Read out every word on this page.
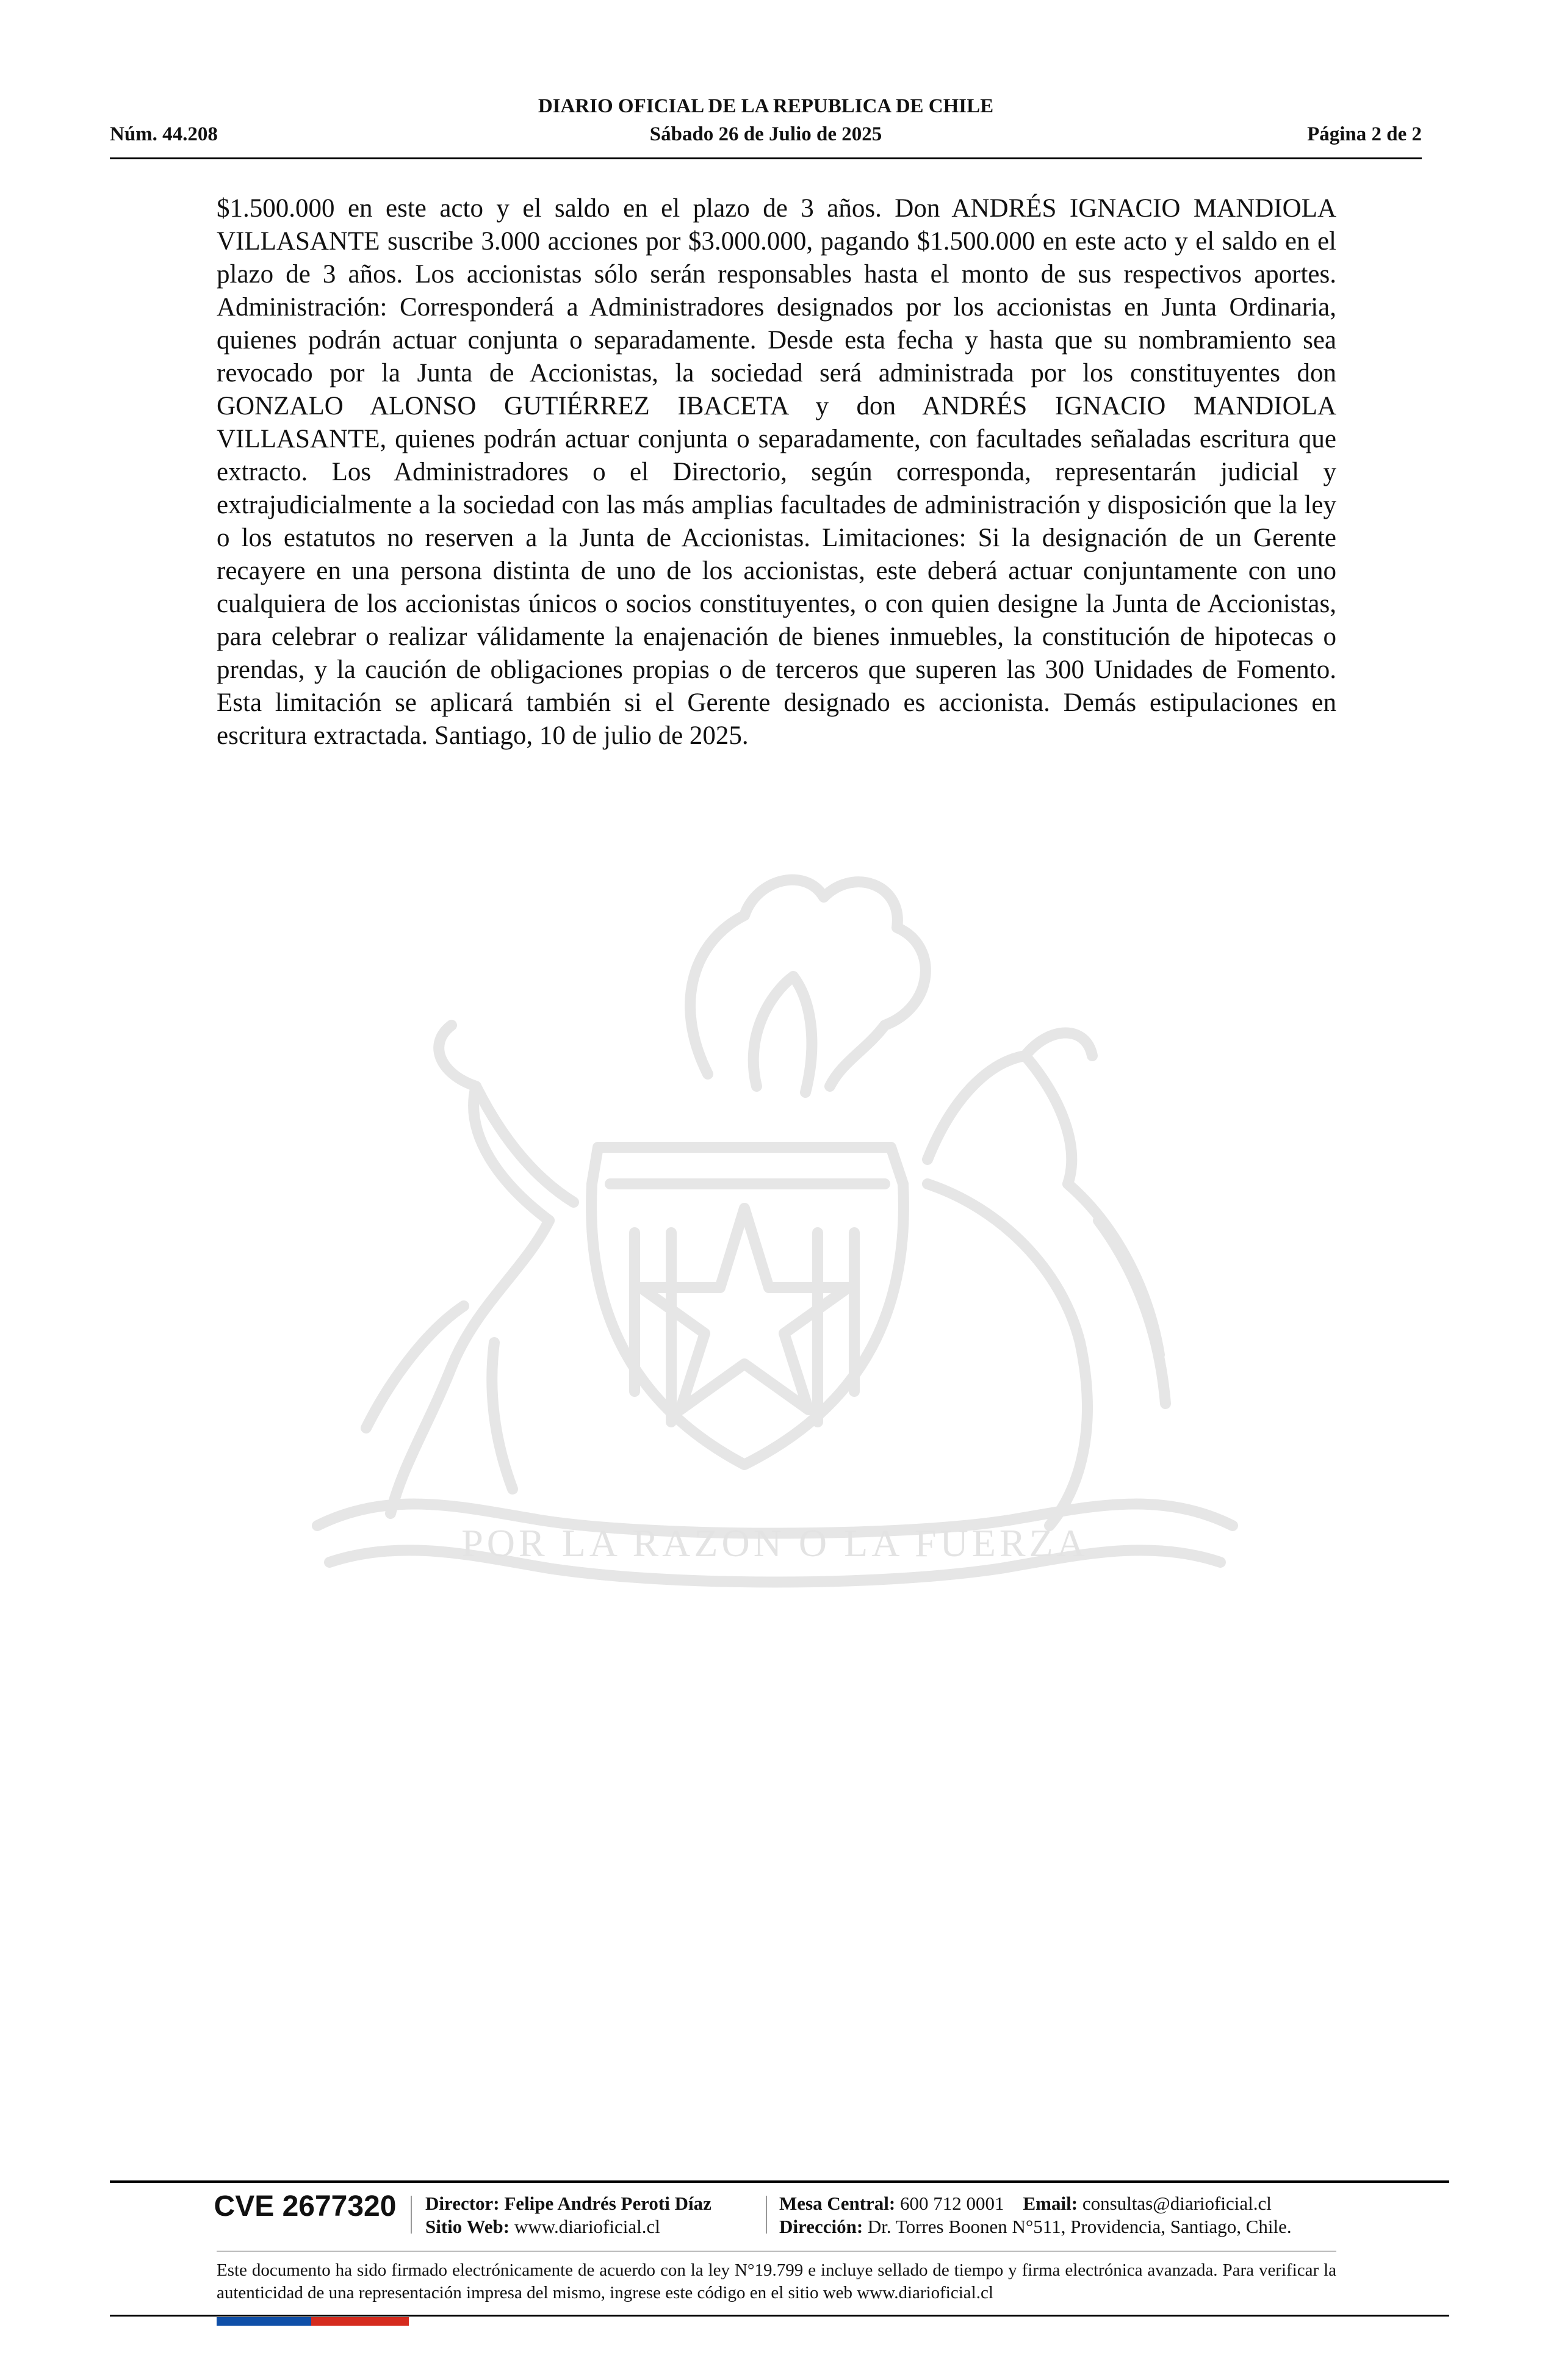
DIARIO OFICIAL DE LA REPUBLICA DE CHILE
Núm. 44.208	Sábado 26 de Julio de 2025	Página 2 de 2
POR LA RAZON O LA FUERZA

$1.500.000 en este acto y el saldo en el plazo de 3 años. Don ANDRÉS IGNACIO MANDIOLA VILLASANTE suscribe 3.000 acciones por $3.000.000, pagando $1.500.000 en este acto y el saldo en el plazo de 3 años. Los accionistas sólo serán responsables hasta el monto de sus respectivos aportes. Administración: Corresponderá a Administradores designados por los accionistas en Junta Ordinaria, quienes podrán actuar conjunta o separadamente. Desde esta fecha y hasta que su nombramiento sea revocado por la Junta de Accionistas, la sociedad será administrada por los constituyentes don GONZALO ALONSO GUTIÉRREZ IBACETA y don ANDRÉS IGNACIO MANDIOLA VILLASANTE, quienes podrán actuar conjunta o separadamente, con facultades señaladas escritura que extracto. Los Administradores o el Directorio, según corresponda, representarán judicial y extrajudicialmente a la sociedad con las más amplias facultades de administración y disposición que la ley o los estatutos no reserven a la Junta de Accionistas. Limitaciones: Si la designación de un Gerente recayere en una persona distinta de uno de los accionistas, este deberá actuar conjuntamente con uno cualquiera de los accionistas únicos o socios constituyentes, o con quien designe la Junta de Accionistas, para celebrar o realizar válidamente la enajenación de bienes inmuebles, la constitución de hipotecas o prendas, y la caución de obligaciones propias o de terceros que superen las 300 Unidades de Fomento. Esta limitación se aplicará también si el Gerente designado es accionista. Demás estipulaciones en escritura extractada. Santiago, 10 de julio de 2025.

CVE 2677320	Director: Felipe Andrés Peroti Díaz
Sitio Web: www.diarioficial.cl
Mesa Central: 600 712 0001 Email: consultas@diarioficial.cl
Dirección: Dr. Torres Boonen N°511, Providencia, Santiago, Chile.

Este documento ha sido firmado electrónicamente de acuerdo con la ley N°19.799 e incluye sellado de tiempo y firma electrónica avanzada. Para verificar la autenticidad de una representación impresa del mismo, ingrese este código en el sitio web www.diarioficial.cl
